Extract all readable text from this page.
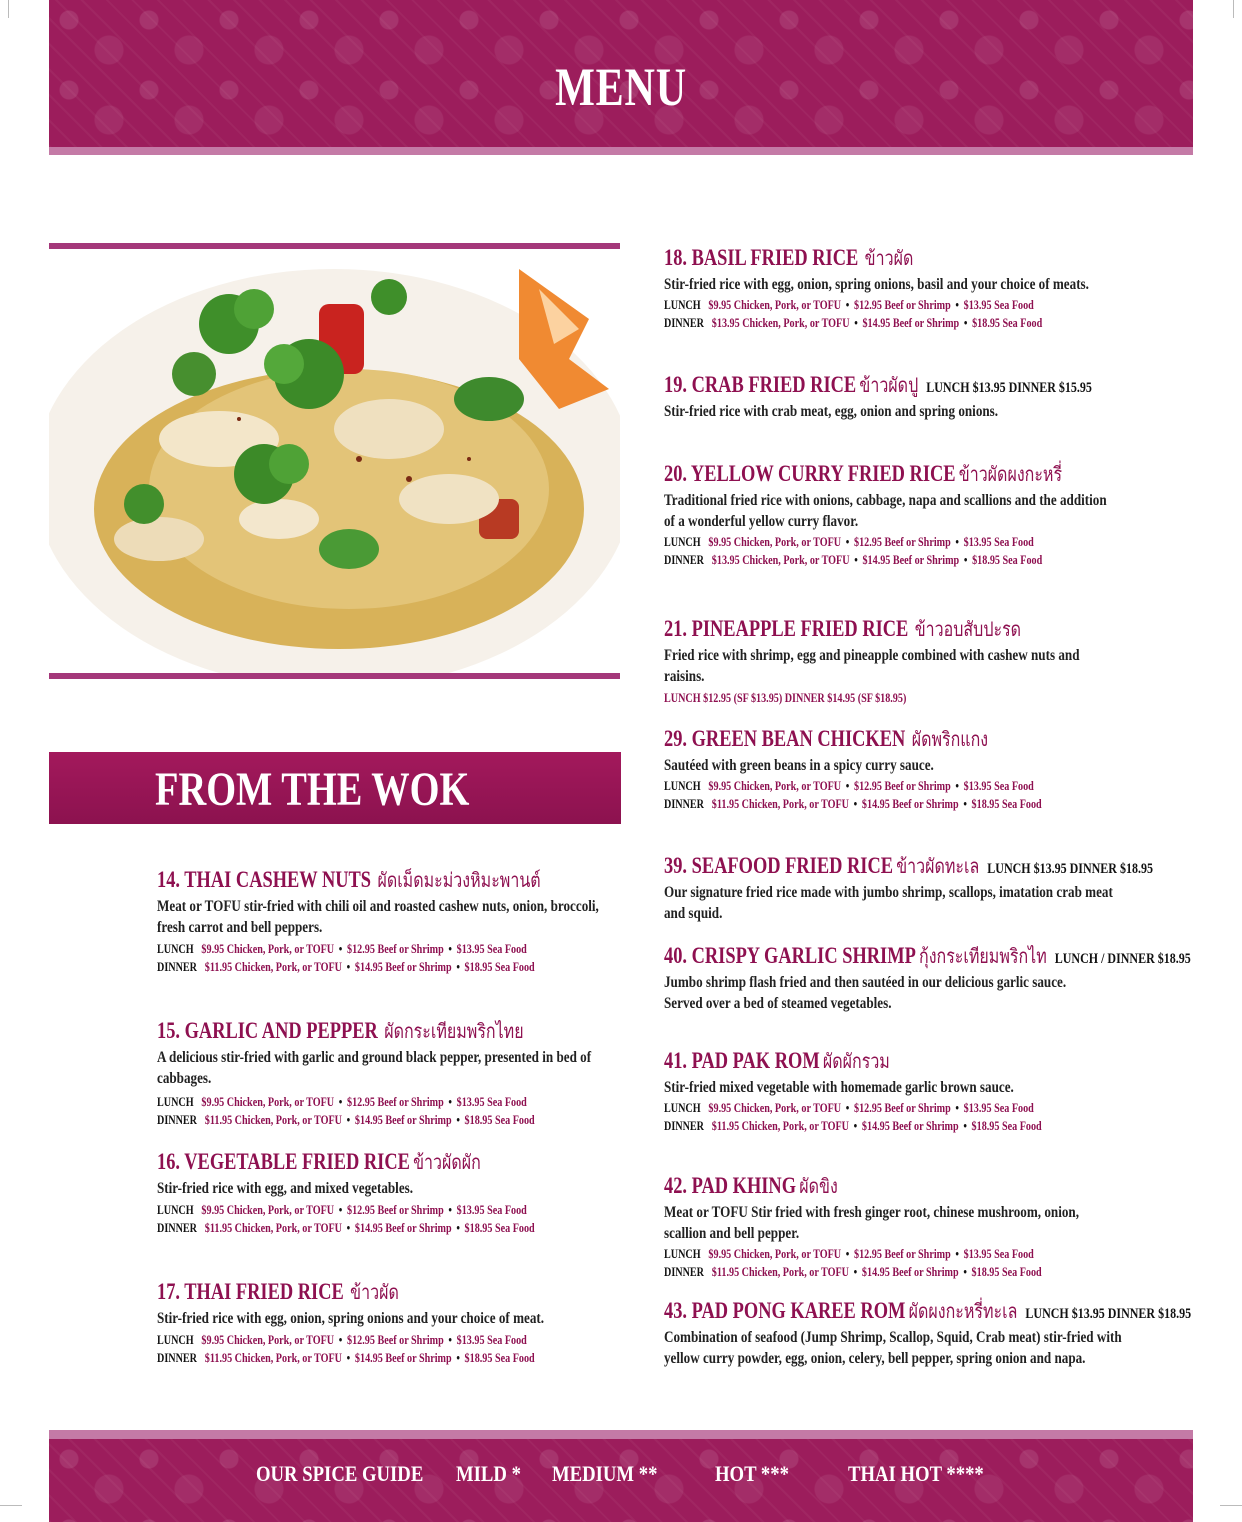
MENU
FROM THE WOK
14. THAI CASHEW NUTS ผัดเม็ดมะม่วงหิมะพานต์
Meat or TOFU stir-fried with chili oil and roasted cashew nuts, onion, broccoli,
fresh carrot and bell peppers.
LUNCH $9.95 Chicken, Pork, or TOFU • $12.95 Beef or Shrimp • $13.95 Sea Food
DINNER $11.95 Chicken, Pork, or TOFU • $14.95 Beef or Shrimp • $18.95 Sea Food
15. GARLIC AND PEPPER ผัดกระเทียมพริกไทย
A delicious stir-fried with garlic and ground black pepper, presented in bed of cabbages.
LUNCH $9.95 Chicken, Pork, or TOFU • $12.95 Beef or Shrimp • $13.95 Sea Food
DINNER $11.95 Chicken, Pork, or TOFU • $14.95 Beef or Shrimp • $18.95 Sea Food
16. VEGETABLE FRIED RICE ข้าวผัดผัก
Stir-fried rice with egg, and mixed vegetables.
LUNCH $9.95 Chicken, Pork, or TOFU • $12.95 Beef or Shrimp • $13.95 Sea Food
DINNER $11.95 Chicken, Pork, or TOFU • $14.95 Beef or Shrimp • $18.95 Sea Food
17. THAI FRIED RICE ข้าวผัด
Stir-fried rice with egg, onion, spring onions and your choice of meat.
LUNCH $9.95 Chicken, Pork, or TOFU • $12.95 Beef or Shrimp • $13.95 Sea Food
DINNER $11.95 Chicken, Pork, or TOFU • $14.95 Beef or Shrimp • $18.95 Sea Food
18. BASIL FRIED RICE ข้าวผัด
Stir-fried rice with egg, onion, spring onions, basil and your choice of meats.
LUNCH $9.95 Chicken, Pork, or TOFU • $12.95 Beef or Shrimp • $13.95 Sea Food
DINNER $13.95 Chicken, Pork, or TOFU • $14.95 Beef or Shrimp • $18.95 Sea Food
19. CRAB FRIED RICE ข้าวผัดปู LUNCH $13.95 DINNER $15.95
Stir-fried rice with crab meat, egg, onion and spring onions.
20. YELLOW CURRY FRIED RICE ข้าวผัดผงกะหรี่
Traditional fried rice with onions, cabbage, napa and scallions and the addition
of a wonderful yellow curry flavor.
LUNCH $9.95 Chicken, Pork, or TOFU • $12.95 Beef or Shrimp • $13.95 Sea Food
DINNER $13.95 Chicken, Pork, or TOFU • $14.95 Beef or Shrimp • $18.95 Sea Food
21. PINEAPPLE FRIED RICE ข้าวอบสับปะรด
Fried rice with shrimp, egg and pineapple combined with cashew nuts and raisins.
LUNCH $12.95 (SF $13.95) DINNER $14.95 (SF $18.95)
29. GREEN BEAN CHICKEN ผัดพริกแกง
Sautéed with green beans in a spicy curry sauce.
LUNCH $9.95 Chicken, Pork, or TOFU • $12.95 Beef or Shrimp • $13.95 Sea Food
DINNER $11.95 Chicken, Pork, or TOFU • $14.95 Beef or Shrimp • $18.95 Sea Food
39. SEAFOOD FRIED RICE ข้าวผัดทะเล LUNCH $13.95 DINNER $18.95
Our signature fried rice made with jumbo shrimp, scallops, imatation crab meat and squid.
40. CRISPY GARLIC SHRIMP กุ้งกระเทียมพริกไท LUNCH / DINNER $18.95
Jumbo shrimp flash fried and then sautéed in our delicious garlic sauce.
Served over a bed of steamed vegetables.
41. PAD PAK ROM ผัดผักรวม
Stir-fried mixed vegetable with homemade garlic brown sauce.
LUNCH $9.95 Chicken, Pork, or TOFU • $12.95 Beef or Shrimp • $13.95 Sea Food
DINNER $11.95 Chicken, Pork, or TOFU • $14.95 Beef or Shrimp • $18.95 Sea Food
42. PAD KHING ผัดขิง
Meat or TOFU Stir fried with fresh ginger root, chinese mushroom, onion, scallion and bell pepper.
LUNCH $9.95 Chicken, Pork, or TOFU • $12.95 Beef or Shrimp • $13.95 Sea Food
DINNER $11.95 Chicken, Pork, or TOFU • $14.95 Beef or Shrimp • $18.95 Sea Food
43. PAD PONG KAREE ROM ผัดผงกะหรี่ทะเล LUNCH $13.95 DINNER $18.95
Combination of seafood (Jump Shrimp, Scallop, Squid, Crab meat) stir-fried with
yellow curry powder, egg, onion, celery, bell pepper, spring onion and napa.
OUR SPICE GUIDE MILD * MEDIUM **	HOT ***	THAI HOT ****
